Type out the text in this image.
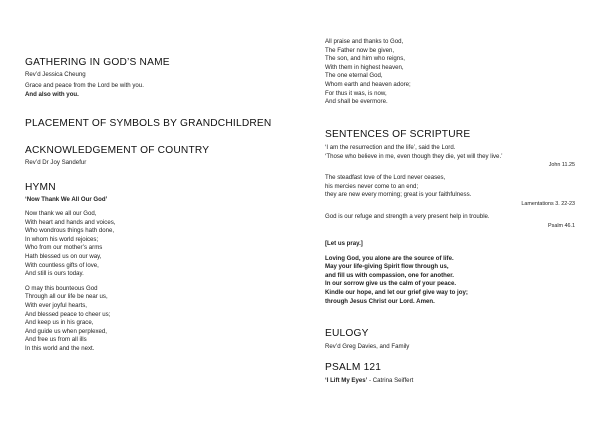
GATHERING IN GOD’S NAME
Rev’d Jessica Cheung
Grace and peace from the Lord be with you.
And also with you.
PLACEMENT OF SYMBOLS BY GRANDCHILDREN
ACKNOWLEDGEMENT OF COUNTRY
Rev’d Dr Joy Sandefur
HYMN
‘Now Thank We All Our God’
Now thank we all our God,
With heart and hands and voices,
Who wondrous things hath done,
In whom his world rejoices;
Who from our mother’s arms
Hath blessed us on our way,
With countless gifts of love,
And still is ours today.
O may this bounteous God
Through all our life be near us,
With ever joyful hearts,
And blessed peace to cheer us;
And keep us in his grace,
And guide us when perplexed,
And free us from all ills
In this world and the next.
All praise and thanks to God,
The Father now be given,
The son, and him who reigns,
With them in highest heaven,
The one eternal God,
Whom earth and heaven adore;
For thus it was, is now,
And shall be evermore.
SENTENCES OF SCRIPTURE
‘I am the resurrection and the life’, said the Lord.
‘Those who believe in me, even though they die, yet will they live.’
John 11.25
The steadfast love of the Lord never ceases,
his mercies never come to an end;
they are new every morning; great is your faithfulness.
Lamentations 3. 22-23
God is our refuge and strength a very present help in trouble.
Psalm 46.1
[Let us pray.]
Loving God, you alone are the source of life.
May your life-giving Spirit flow through us,
and fill us with compassion, one for another.
In our sorrow give us the calm of your peace.
Kindle our hope, and let our grief give way to joy;
through Jesus Christ our Lord. Amen.
EULOGY
Rev’d Greg Davies, and Family
PSALM 121
‘I Lift My Eyes’ - Catrina Seiffert
